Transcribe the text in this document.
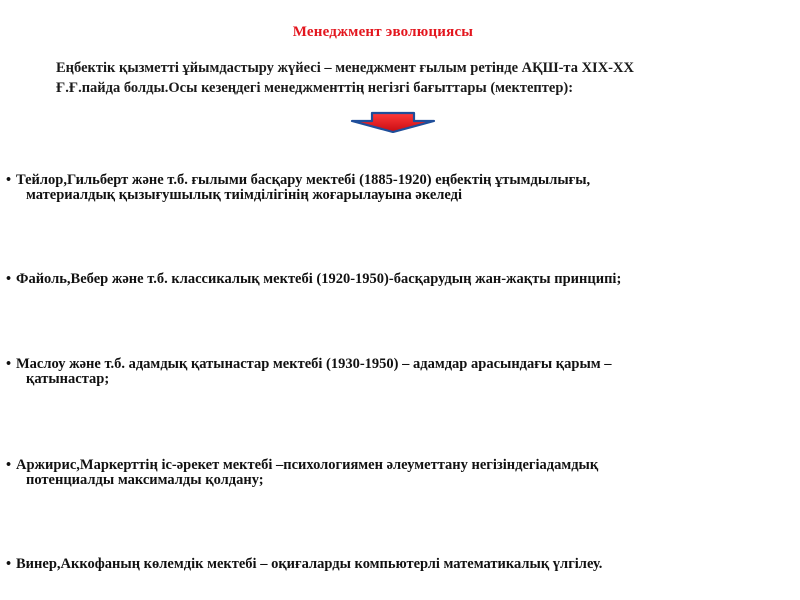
Менеджмент эволюциясы
Еңбектік қызметті ұйымдастыру жүйесі – менеджмент ғылым ретінде АҚШ-та XIX-XX
Ғ.Ғ.пайда болды.Осы кезеңдегі менеджменттің негізгі бағыттары (мектептер):
• Тейлор,Гильберт және т.б. ғылыми басқару мектебі (1885-1920) еңбектің ұтымдылығы,
материалдық қызығушылық тиімділігінің жоғарылауына әкеледі
• Файоль,Вебер және т.б. классикалық мектебі (1920-1950)-басқарудың жан-жақты принципі;
• Маслоу және т.б. адамдық қатынастар мектебі (1930-1950) – адамдар арасындағы қарым –
қатынастар;
• Аржирис,Маркерттің іс-әрекет мектебі –психологиямен әлеуметтану негізіндегіадамдық
потенциалды максималды қолдану;
• Винер,Аккофаның көлемдік мектебі – оқиғаларды компьютерлі математикалық үлгілеу.
